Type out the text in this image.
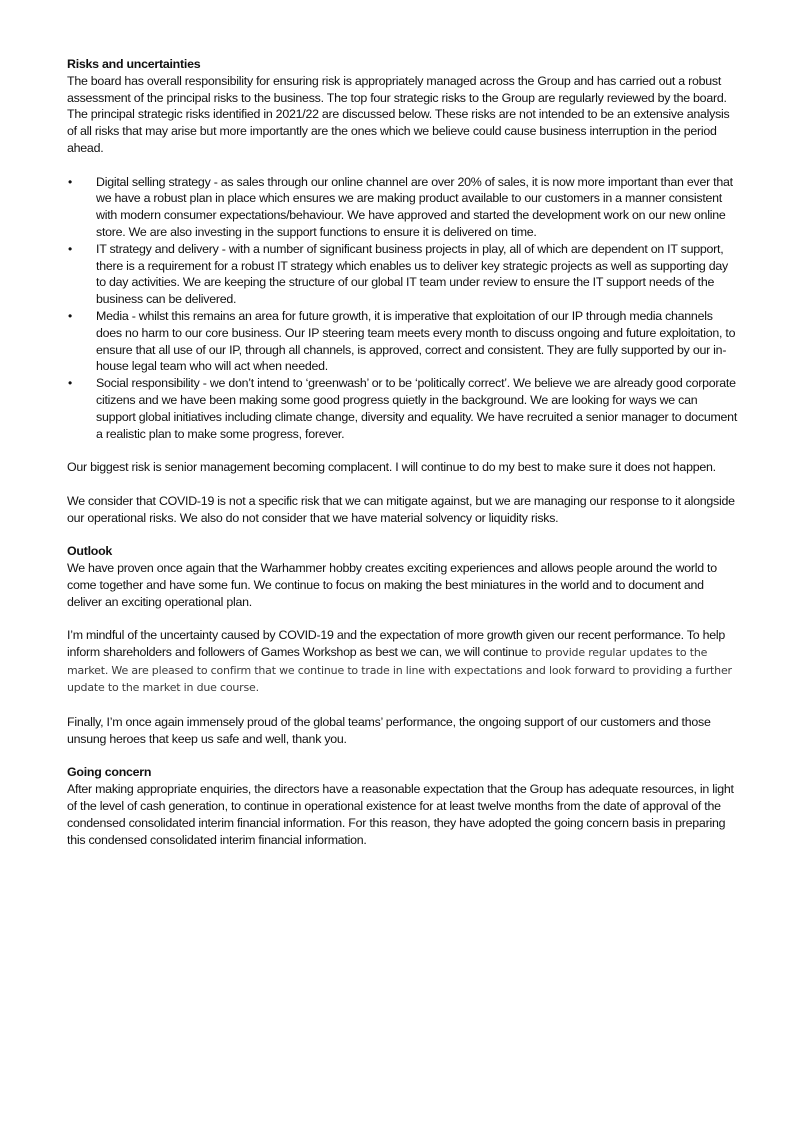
Risks and uncertainties

The board has overall responsibility for ensuring risk is appropriately managed across the Group and has carried out a robust assessment of the principal risks to the business. The top four strategic risks to the Group are regularly reviewed by the board. The principal strategic risks identified in 2021/22 are discussed below. These risks are not intended to be an extensive analysis of all risks that may arise but more importantly are the ones which we believe could cause business interruption in the period ahead.

• Digital selling strategy - as sales through our online channel are over 20% of sales, it is now more important than ever that we have a robust plan in place which ensures we are making product available to our customers in a manner consistent with modern consumer expectations/behaviour. We have approved and started the development work on our new online store. We are also investing in the support functions to ensure it is delivered on time.
• IT strategy and delivery - with a number of significant business projects in play, all of which are dependent on IT support, there is a requirement for a robust IT strategy which enables us to deliver key strategic projects as well as supporting day to day activities. We are keeping the structure of our global IT team under review to ensure the IT support needs of the business can be delivered.
• Media - whilst this remains an area for future growth, it is imperative that exploitation of our IP through media channels does no harm to our core business. Our IP steering team meets every month to discuss ongoing and future exploitation, to ensure that all use of our IP, through all channels, is approved, correct and consistent. They are fully supported by our in-house legal team who will act when needed.
• Social responsibility - we don’t intend to ‘greenwash’ or to be ‘politically correct’. We believe we are already good corporate citizens and we have been making some good progress quietly in the background. We are looking for ways we can support global initiatives including climate change, diversity and equality. We have recruited a senior manager to document a realistic plan to make some progress, forever.

Our biggest risk is senior management becoming complacent. I will continue to do my best to make sure it does not happen.

We consider that COVID-19 is not a specific risk that we can mitigate against, but we are managing our response to it alongside our operational risks. We also do not consider that we have material solvency or liquidity risks.

Outlook

We have proven once again that the Warhammer hobby creates exciting experiences and allows people around the world to come together and have some fun. We continue to focus on making the best miniatures in the world and to document and deliver an exciting operational plan.

I’m mindful of the uncertainty caused by COVID-19 and the expectation of more growth given our recent performance. To help inform shareholders and followers of Games Workshop as best we can, we will continue to provide regular updates to the market. We are pleased to confirm that we continue to trade in line with expectations and look forward to providing a further update to the market in due course.

Finally, I’m once again immensely proud of the global teams’ performance, the ongoing support of our customers and those unsung heroes that keep us safe and well, thank you.

Going concern

After making appropriate enquiries, the directors have a reasonable expectation that the Group has adequate resources, in light of the level of cash generation, to continue in operational existence for at least twelve months from the date of approval of the condensed consolidated interim financial information. For this reason, they have adopted the going concern basis in preparing this condensed consolidated interim financial information.
